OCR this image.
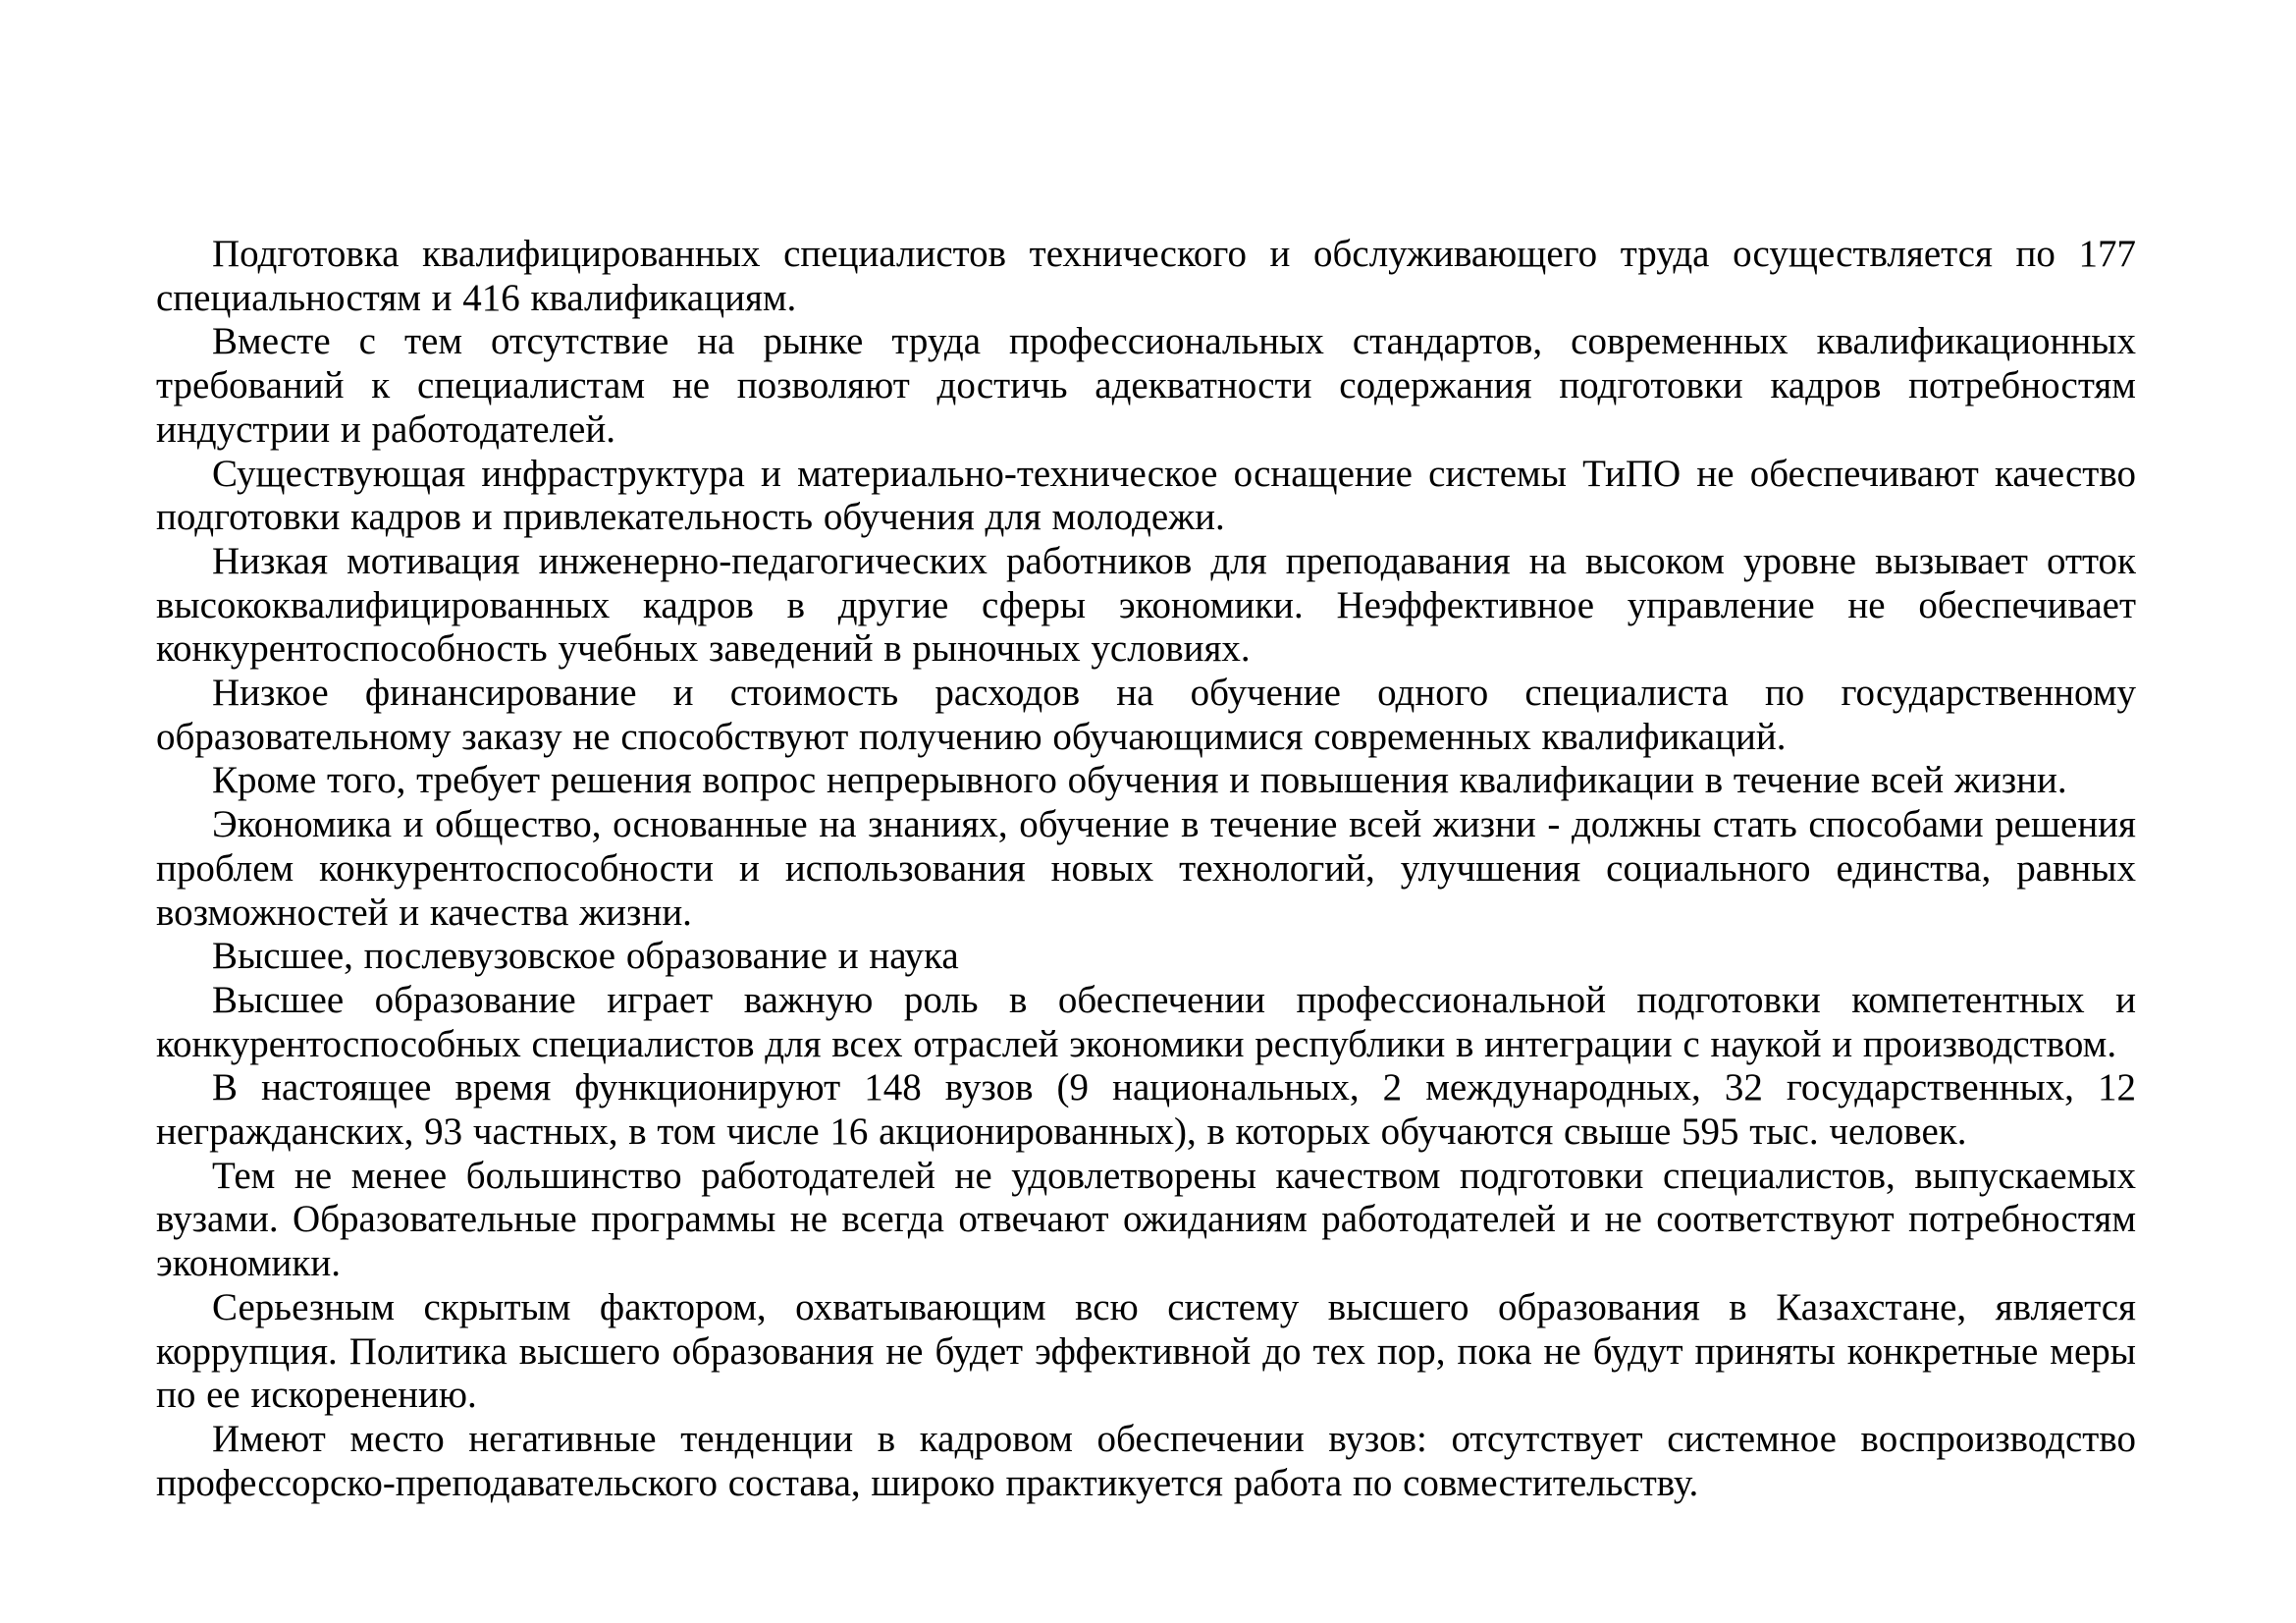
Подготовка квалифицированных специалистов технического и обслуживающего труда осуществляется по 177 специальностям и 416 квалификациям.

Вместе с тем отсутствие на рынке труда профессиональных стандартов, современных квалификационных требований к специалистам не позволяют достичь адекватности содержания подготовки кадров потребностям индустрии и работодателей.

Существующая инфраструктура и материально-техническое оснащение системы ТиПО не обеспечивают качество подготовки кадров и привлекательность обучения для молодежи.

Низкая мотивация инженерно-педагогических работников для преподавания на высоком уровне вызывает отток высококвалифицированных кадров в другие сферы экономики. Неэффективное управление не обеспечивает конкурентоспособность учебных заведений в рыночных условиях.

Низкое финансирование и стоимость расходов на обучение одного специалиста по государственному образовательному заказу не способствуют получению обучающимися современных квалификаций.

Кроме того, требует решения вопрос непрерывного обучения и повышения квалификации в течение всей жизни.

Экономика и общество, основанные на знаниях, обучение в течение всей жизни - должны стать способами решения проблем конкурентоспособности и использования новых технологий, улучшения социального единства, равных возможностей и качества жизни.

Высшее, послевузовское образование и наука

Высшее образование играет важную роль в обеспечении профессиональной подготовки компетентных и конкурентоспособных специалистов для всех отраслей экономики республики в интеграции с наукой и производством.

В настоящее время функционируют 148 вузов (9 национальных, 2 международных, 32 государственных, 12 негражданских, 93 частных, в том числе 16 акционированных), в которых обучаются свыше 595 тыс. человек.

Тем не менее большинство работодателей не удовлетворены качеством подготовки специалистов, выпускаемых вузами. Образовательные программы не всегда отвечают ожиданиям работодателей и не соответствуют потребностям экономики.

Серьезным скрытым фактором, охватывающим всю систему высшего образования в Казахстане, является коррупция. Политика высшего образования не будет эффективной до тех пор, пока не будут приняты конкретные меры по ее искоренению.

Имеют место негативные тенденции в кадровом обеспечении вузов: отсутствует системное воспроизводство профессорско-преподавательского состава, широко практикуется работа по совместительству.
